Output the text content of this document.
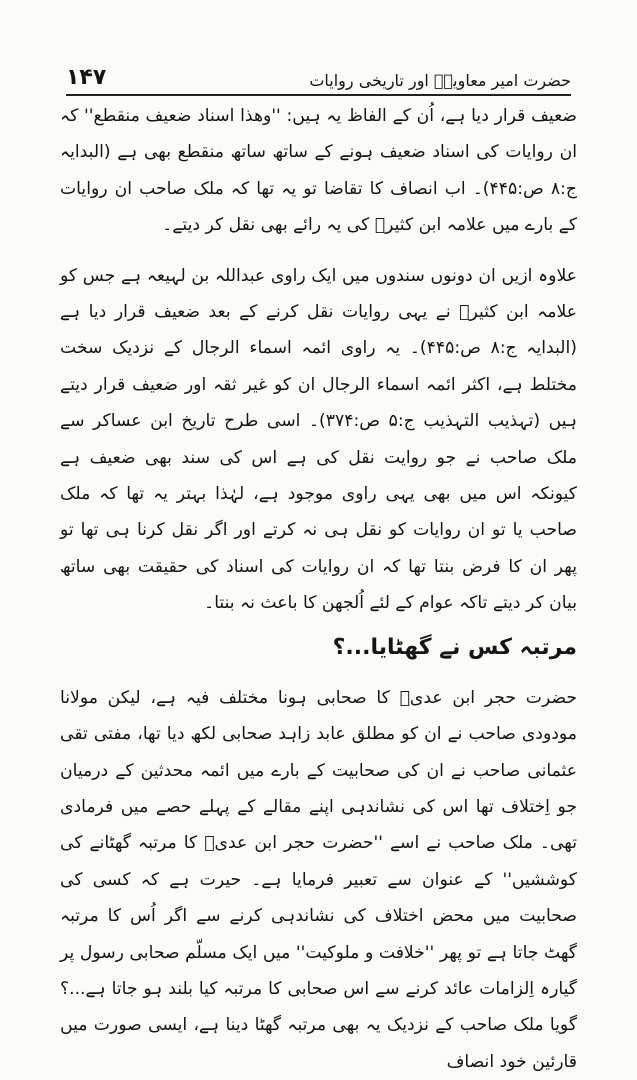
حضرت امیر معاویہؓ اور تاریخی روایات
۱۴۷

ضعیف قرار دیا ہے، اُن کے الفاظ یہ ہیں: ''وھذا اسناد ضعیف منقطع'' کہ ان روایات کی اسناد ضعیف ہونے کے ساتھ ساتھ منقطع بھی ہے (البدایہ ج:۸ ص:۴۴۵)۔ اب انصاف کا تقاضا تو یہ تھا کہ ملک صاحب ان روایات کے بارے میں علامہ ابن کثیرؒ کی یہ رائے بھی نقل کر دیتے۔

علاوہ ازیں ان دونوں سندوں میں ایک راوی عبداللہ بن لہیعہ ہے جس کو علامہ ابن کثیرؒ نے یہی روایات نقل کرنے کے بعد ضعیف قرار دیا ہے (البدایہ ج:۸ ص:۴۴۵)۔ یہ راوی ائمہ اسماء الرجال کے نزدیک سخت مختلط ہے، اکثر ائمہ اسماء الرجال ان کو غیر ثقہ اور ضعیف قرار دیتے ہیں (تہذیب التہذیب ج:۵ ص:۳۷۴)۔ اسی طرح تاریخ ابن عساکر سے ملک صاحب نے جو روایت نقل کی ہے اس کی سند بھی ضعیف ہے کیونکہ اس میں بھی یہی راوی موجود ہے، لہٰذا بہتر یہ تھا کہ ملک صاحب یا تو ان روایات کو نقل ہی نہ کرتے اور اگر نقل کرنا ہی تھا تو پھر ان کا فرض بنتا تھا کہ ان روایات کی اسناد کی حقیقت بھی ساتھ بیان کر دیتے تاکہ عوام کے لئے اُلجھن کا باعث نہ بنتا۔

مرتبہ کس نے گھٹایا...؟

حضرت حجر ابن عدیؓ کا صحابی ہونا مختلف فیہ ہے، لیکن مولانا مودودی صاحب نے ان کو مطلق عابد زاہد صحابی لکھ دیا تھا، مفتی تقی عثمانی صاحب نے ان کی صحابیت کے بارے میں ائمہ محدثین کے درمیان جو اِختلاف تھا اس کی نشاندہی اپنے مقالے کے پہلے حصے میں فرمادی تھی۔ ملک صاحب نے اسے ''حضرت حجر ابن عدیؓ کا مرتبہ گھٹانے کی کوششیں'' کے عنوان سے تعبیر فرمایا ہے۔ حیرت ہے کہ کسی کی صحابیت میں محض اختلاف کی نشاندہی کرنے سے اگر اُس کا مرتبہ گھٹ جاتا ہے تو پھر ''خلافت و ملوکیت'' میں ایک مسلّم صحابی رسول پر گیارہ اِلزامات عائد کرنے سے اس صحابی کا مرتبہ کیا بلند ہو جاتا ہے...؟ گویا ملک صاحب کے نزدیک یہ بھی مرتبہ گھٹا دینا ہے، ایسی صورت میں قارئین خود انصاف
